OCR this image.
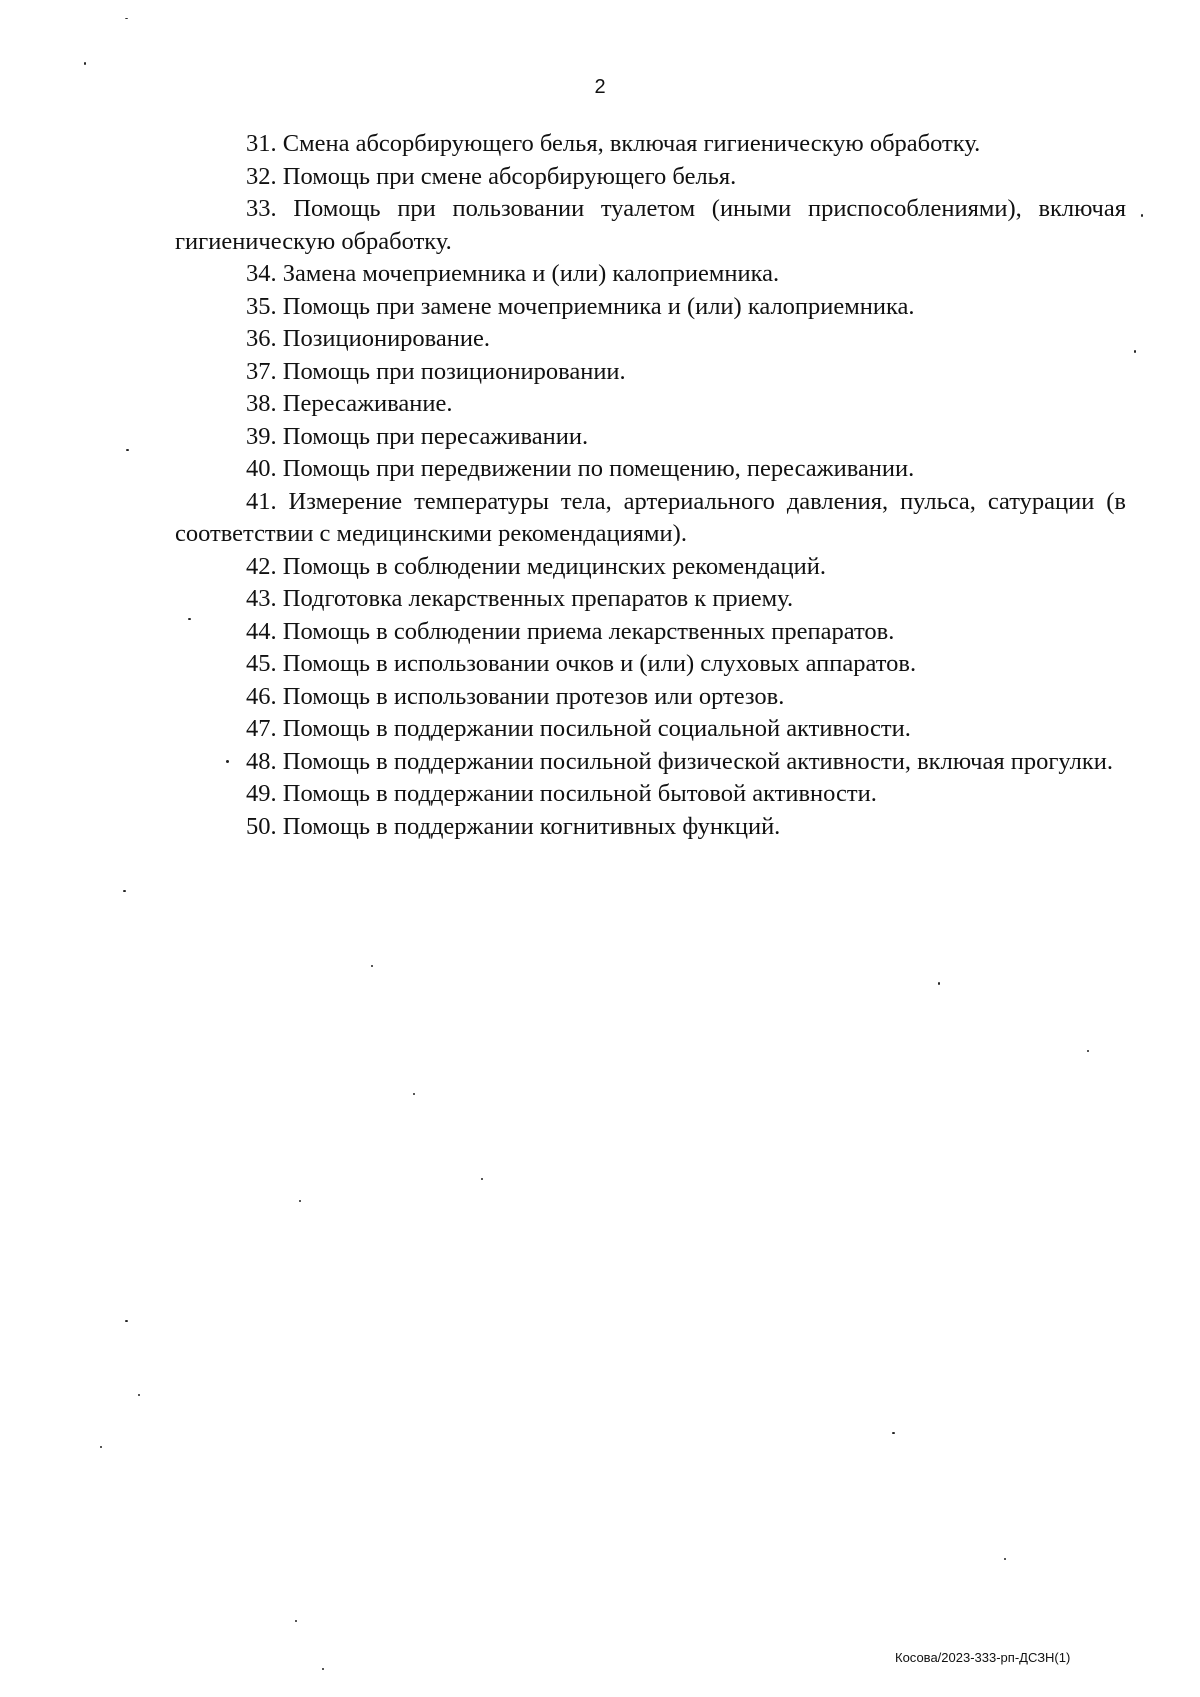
2
31. Смена абсорбирующего белья, включая гигиеническую обработку.
32. Помощь при смене абсорбирующего белья.
33. Помощь при пользовании туалетом (иными приспособлениями), включая гигиеническую обработку.
34. Замена мочеприемника и (или) калоприемника.
35. Помощь при замене мочеприемника и (или) калоприемника.
36. Позиционирование.
37. Помощь при позиционировании.
38. Пересаживание.
39. Помощь при пересаживании.
40. Помощь при передвижении по помещению, пересаживании.
41. Измерение температуры тела, артериального давления, пульса, сатурации (в соответствии с медицинскими рекомендациями).
42. Помощь в соблюдении медицинских рекомендаций.
43. Подготовка лекарственных препаратов к приему.
44. Помощь в соблюдении приема лекарственных препаратов.
45. Помощь в использовании очков и (или) слуховых аппаратов.
46. Помощь в использовании протезов или ортезов.
47. Помощь в поддержании посильной социальной активности.
48. Помощь в поддержании посильной физической активности, включая прогулки.
49. Помощь в поддержании посильной бытовой активности.
50. Помощь в поддержании когнитивных функций.
Косова/2023-333-рп-ДСЗН(1)
